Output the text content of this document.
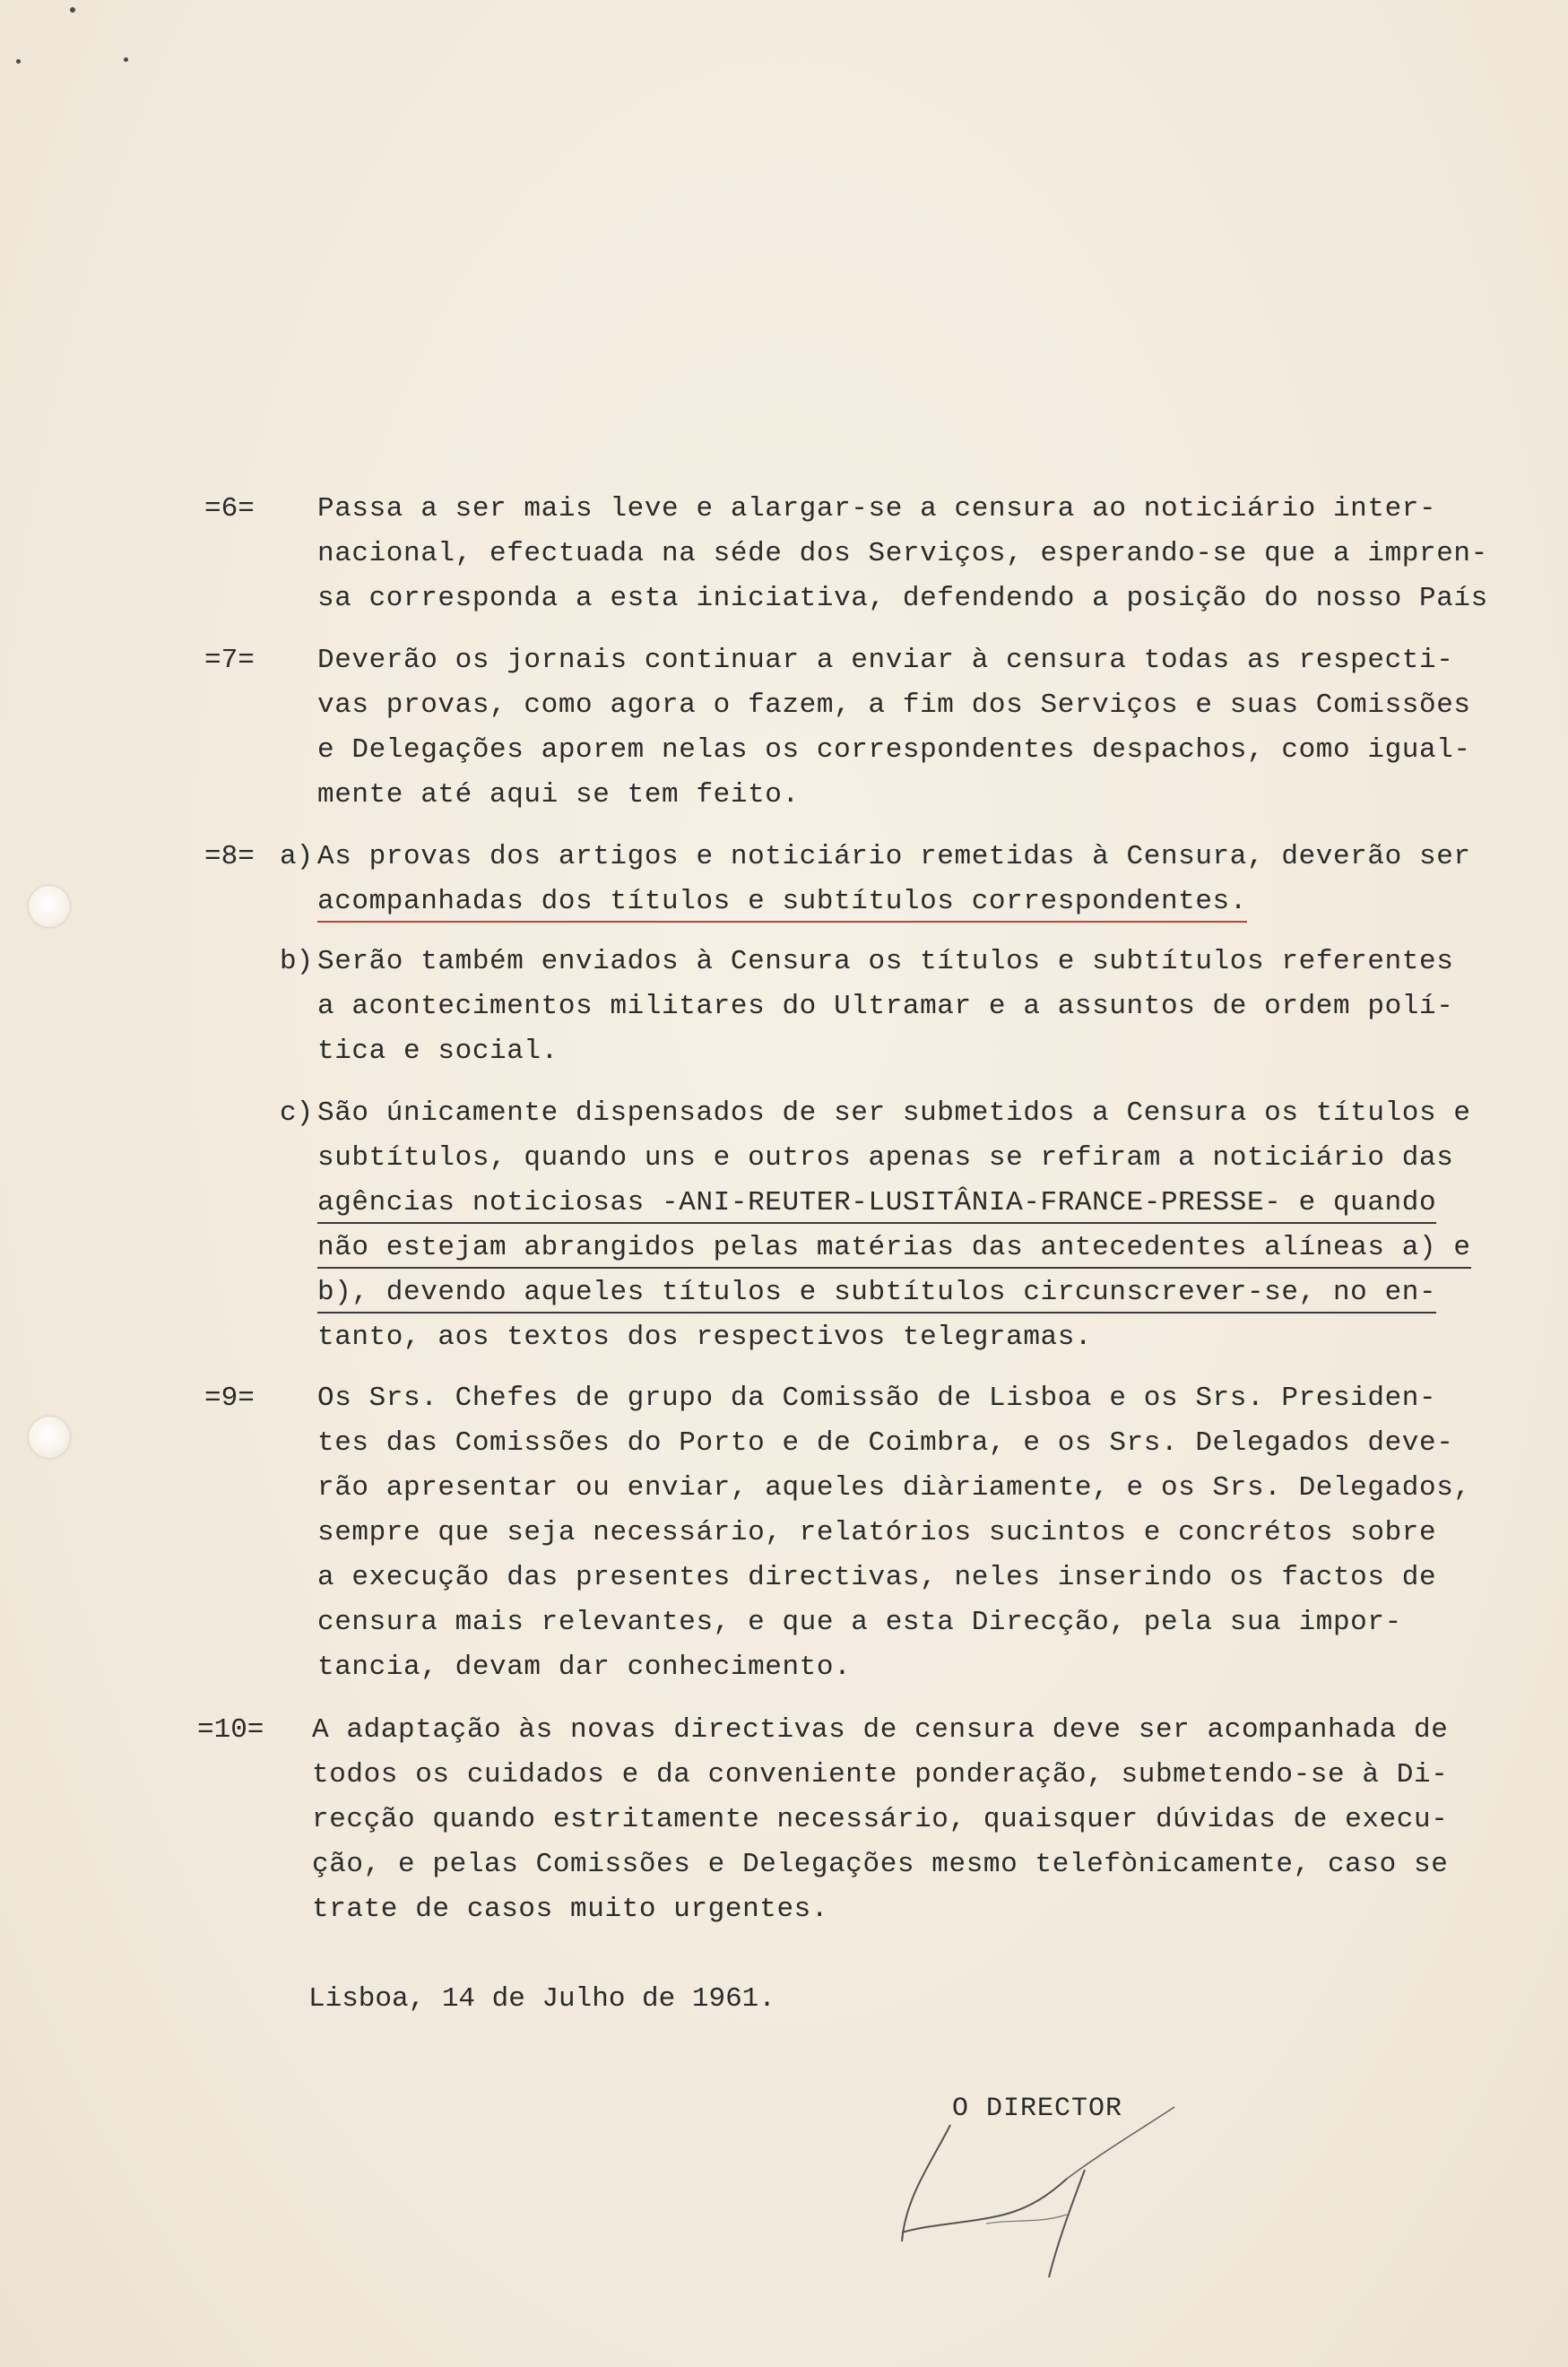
=6= Passa a ser mais leve e alargar-se a censura ao noticiário inter-
nacional, efectuada na séde dos Serviços, esperando-se que a impren-
sa corresponda a esta iniciativa, defendendo a posição do nosso País
=7= Deverão os jornais continuar a enviar à censura todas as respecti-
vas provas, como agora o fazem, a fim dos Serviços e suas Comissões
e Delegações aporem nelas os correspondentes despachos, como igual-
mente até aqui se tem feito.
=8= a) As provas dos artigos e noticiário remetidas à Censura, deverão ser
acompanhadas dos títulos e subtítulos correspondentes.
b) Serão também enviados à Censura os títulos e subtítulos referentes
a acontecimentos militares do Ultramar e a assuntos de ordem polí-
tica e social.
c) São únicamente dispensados de ser submetidos a Censura os títulos e
subtítulos, quando uns e outros apenas se refiram a noticiário das
agências noticiosas -ANI-REUTER-LUSITÂNIA-FRANCE-PRESSE- e quando
não estejam abrangidos pelas matérias das antecedentes alíneas a) e
b), devendo aqueles títulos e subtítulos circunscrever-se, no en-
tanto, aos textos dos respectivos telegramas.
=9= Os Srs. Chefes de grupo da Comissão de Lisboa e os Srs. Presiden-
tes das Comissões do Porto e de Coimbra, e os Srs. Delegados deve-
rão apresentar ou enviar, aqueles diàriamente, e os Srs. Delegados,
sempre que seja necessário, relatórios sucintos e concrétos sobre
a execução das presentes directivas, neles inserindo os factos de
censura mais relevantes, e que a esta Direcção, pela sua impor-
tancia, devam dar conhecimento.
=10= A adaptação às novas directivas de censura deve ser acompanhada de
todos os cuidados e da conveniente ponderação, submetendo-se à Di-
recção quando estritamente necessário, quaisquer dúvidas de execu-
ção, e pelas Comissões e Delegações mesmo telefònicamente, caso se
trate de casos muito urgentes.
Lisboa, 14 de Julho de 1961.
O DIRECTOR
